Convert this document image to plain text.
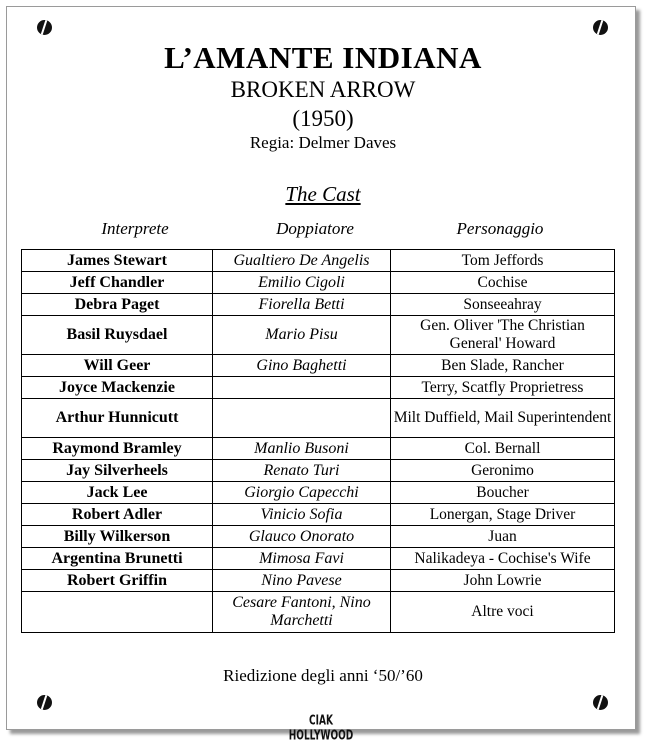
L’AMANTE INDIANA
BROKEN ARROW
(1950)
Regia: Delmer Daves
The Cast
Interprete	Doppiatore	Personaggio
James Stewart	Gualtiero De Angelis	Tom Jeffords
Jeff Chandler	Emilio Cigoli	Cochise
Debra Paget	Fiorella Betti	Sonseeahray
Basil Ruysdael	Mario Pisu	Gen. Oliver 'The Christian General' Howard
Will Geer	Gino Baghetti	Ben Slade, Rancher
Joyce Mackenzie		Terry, Scatfly Proprietress
Arthur Hunnicutt		Milt Duffield, Mail Superintendent
Raymond Bramley	Manlio Busoni	Col. Bernall
Jay Silverheels	Renato Turi	Geronimo
Jack Lee	Giorgio Capecchi	Boucher
Robert Adler	Vinicio Sofia	Lonergan, Stage Driver
Billy Wilkerson	Glauco Onorato	Juan
Argentina Brunetti	Mimosa Favi	Nalikadeya - Cochise's Wife
Robert Griffin	Nino Pavese	John Lowrie
	Cesare Fantoni, Nino Marchetti	Altre voci
Riedizione degli anni ‘50/’60
CIAK HOLLYWOOD
